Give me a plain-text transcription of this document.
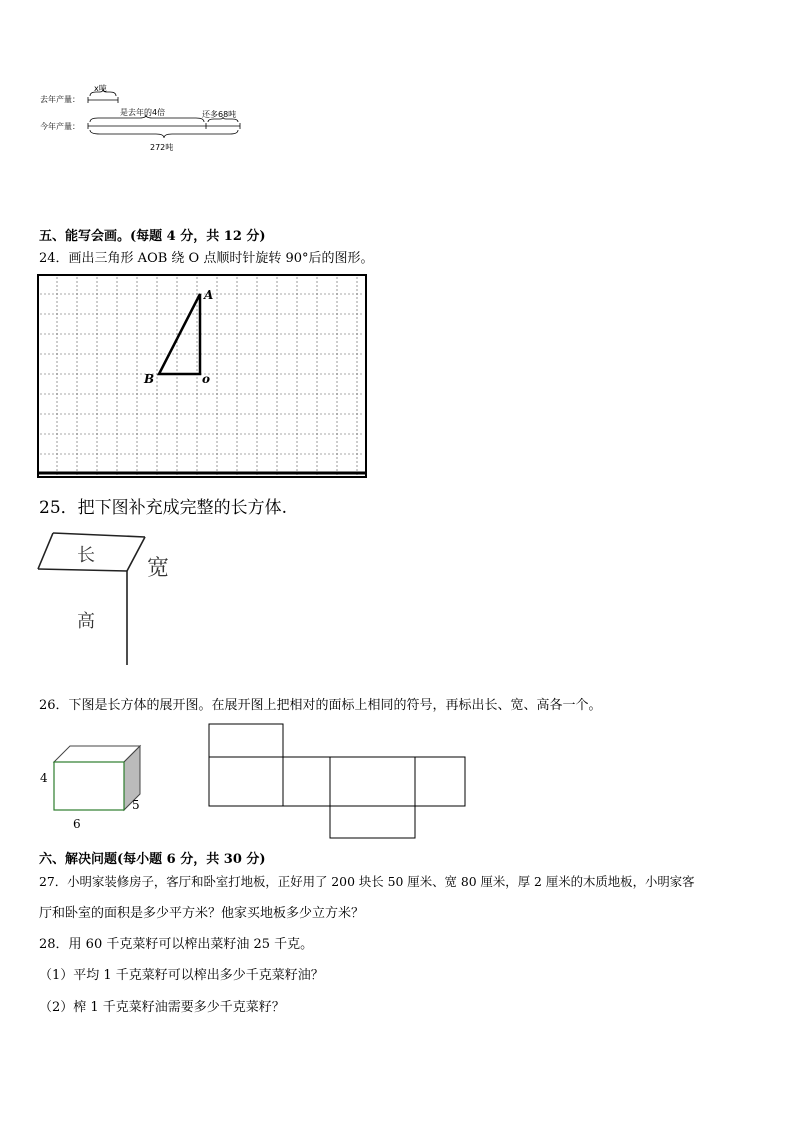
去年产量：
x吨
今年产量：
是去年的4倍	还多68吨
272吨
五、能写会画。(每题 4 分，共 12 分)
24．画出三角形 AOB 绕 O 点顺时针旋转 90°后的图形。
A
B	o
25．把下图补充成完整的长方体.
长
宽
高
26．下图是长方体的展开图。在展开图上把相对的面标上相同的符号，再标出长、宽、高各一个。
4
5
6
六、解决问题(每小题 6 分，共 30 分)
27．小明家装修房子，客厅和卧室打地板，正好用了 200 块长 50 厘米、宽 80 厘米，厚 2 厘米的木质地板，小明家客
厅和卧室的面积是多少平方米？他家买地板多少立方米？
28．用 60 千克菜籽可以榨出菜籽油 25 千克。
（1）平均 1 千克菜籽可以榨出多少千克菜籽油？
（2）榨 1 千克菜籽油需要多少千克菜籽？
